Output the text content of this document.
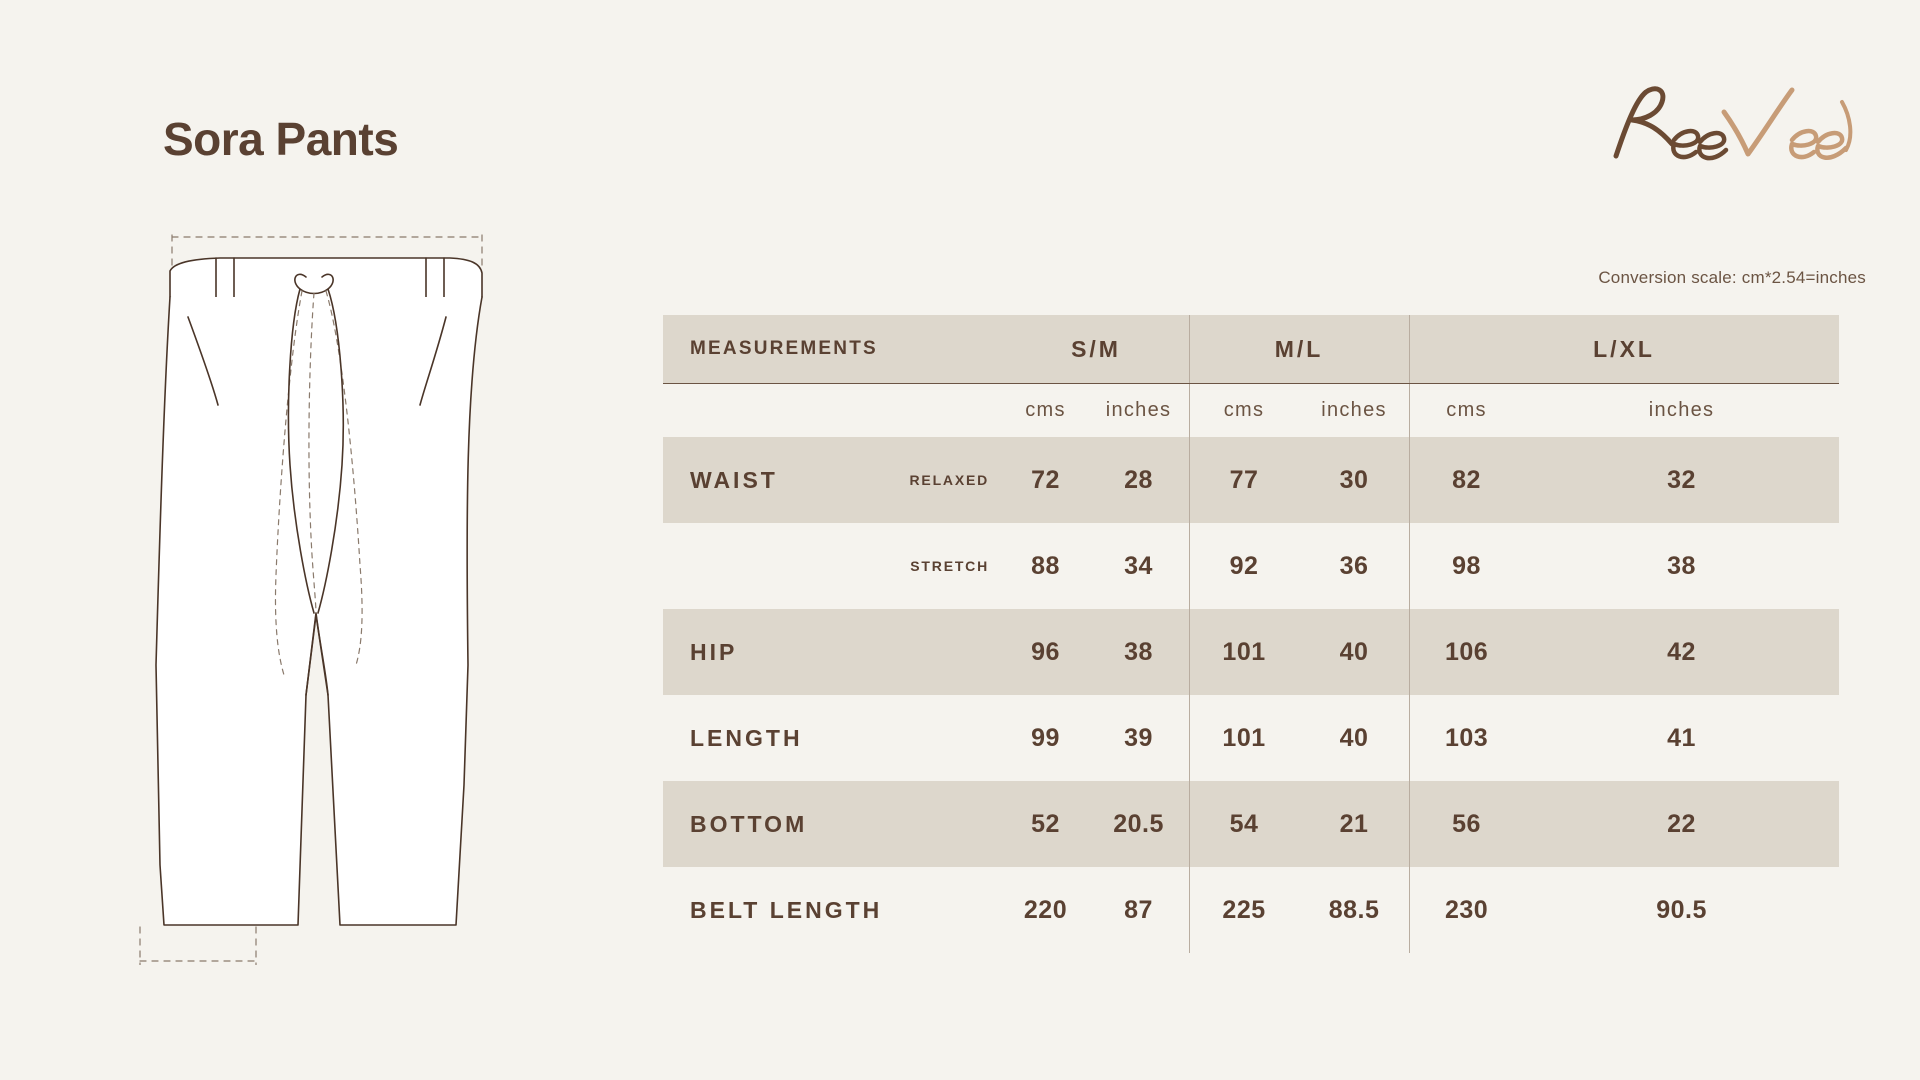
Sora Pants
Conversion scale: cm*2.54=inches
MEASUREMENTS		S/M		M/L		L/XL	
		cms	inches	cms	inches	cms	inches
WAIST	RELAXED	72	28	77	30	82	32
	STRETCH	88	34	92	36	98	38
HIP		96	38	101	40	106	42
LENGTH		99	39	101	40	103	41
BOTTOM		52	20.5	54	21	56	22
BELT LENGTH		220	87	225	88.5	230	90.5
